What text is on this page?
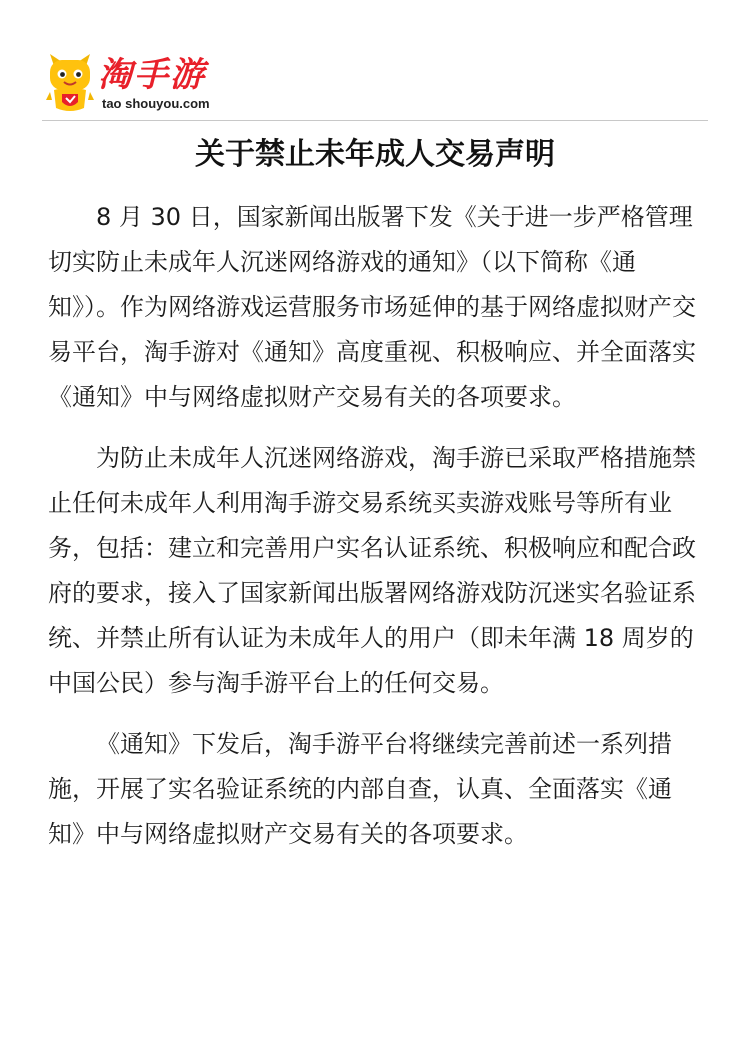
淘手游
tao shouyou.com
关于禁止未年成人交易声明

8 月 30 日，国家新闻出版署下发《关于进一步严格管理 切实防止未成年人沉迷网络游戏的通知》（以下简称《通知》）。作为网络游戏运营服务市场延伸的基于网络虚拟财产交易平台，淘手游对《通知》高度重视、积极响应、并全面落实《通知》中与网络虚拟财产交易有关的各项要求。

为防止未成年人沉迷网络游戏，淘手游已采取严格措施禁止任何未成年人利用淘手游交易系统买卖游戏账号等所有业务，包括：建立和完善用户实名认证系统、积极响应和配合政府的要求，接入了国家新闻出版署网络游戏防沉迷实名验证系统、并禁止所有认证为未成年人的用户（即未年满 18 周岁的中国公民）参与淘手游平台上的任何交易。

《通知》下发后，淘手游平台将继续完善前述一系列措施，开展了实名验证系统的内部自查，认真、全面落实《通知》中与网络虚拟财产交易有关的各项要求。
